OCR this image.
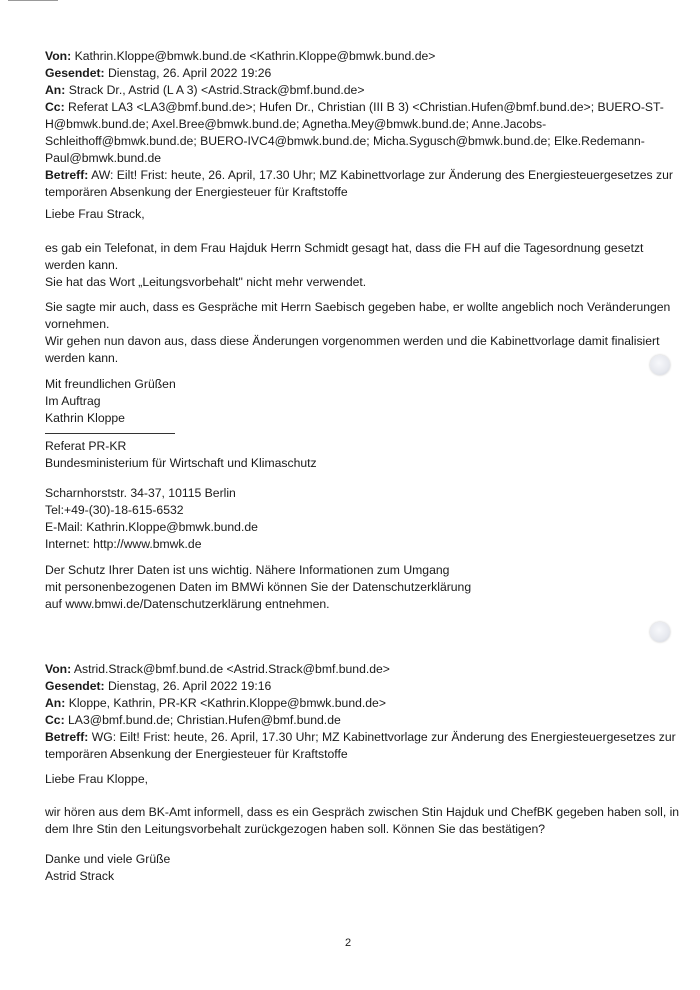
Von: Kathrin.Kloppe@bmwk.bund.de <Kathrin.Kloppe@bmwk.bund.de>
Gesendet: Dienstag, 26. April 2022 19:26
An: Strack Dr., Astrid (L A 3) <Astrid.Strack@bmf.bund.de>
Cc: Referat LA3 <LA3@bmf.bund.de>; Hufen Dr., Christian (III B 3) <Christian.Hufen@bmf.bund.de>; BUERO-ST-
H@bmwk.bund.de; Axel.Bree@bmwk.bund.de; Agnetha.Mey@bmwk.bund.de; Anne.Jacobs-
Schleithoff@bmwk.bund.de; BUERO-IVC4@bmwk.bund.de; Micha.Sygusch@bmwk.bund.de; Elke.Redemann-
Paul@bmwk.bund.de
Betreff: AW: Eilt! Frist: heute, 26. April, 17.30 Uhr; MZ Kabinettvorlage zur Änderung des Energiesteuergesetzes zur
temporären Absenkung der Energiesteuer für Kraftstoffe
Liebe Frau Strack,
es gab ein Telefonat, in dem Frau Hajduk Herrn Schmidt gesagt hat, dass die FH auf die Tagesordnung gesetzt
werden kann.
Sie hat das Wort „Leitungsvorbehalt" nicht mehr verwendet.
Sie sagte mir auch, dass es Gespräche mit Herrn Saebisch gegeben habe, er wollte angeblich noch Veränderungen
vornehmen.
Wir gehen nun davon aus, dass diese Änderungen vorgenommen werden und die Kabinettvorlage damit finalisiert
werden kann.
Mit freundlichen Grüßen
Im Auftrag
Kathrin Kloppe
Referat PR-KR
Bundesministerium für Wirtschaft und Klimaschutz
Scharnhorststr. 34-37, 10115 Berlin
Tel:+49-(30)-18-615-6532
E-Mail: Kathrin.Kloppe@bmwk.bund.de
Internet: http://www.bmwk.de
Der Schutz Ihrer Daten ist uns wichtig. Nähere Informationen zum Umgang
mit personenbezogenen Daten im BMWi können Sie der Datenschutzerklärung
auf www.bmwi.de/Datenschutzerklärung entnehmen.
Von: Astrid.Strack@bmf.bund.de <Astrid.Strack@bmf.bund.de>
Gesendet: Dienstag, 26. April 2022 19:16
An: Kloppe, Kathrin, PR-KR <Kathrin.Kloppe@bmwk.bund.de>
Cc: LA3@bmf.bund.de; Christian.Hufen@bmf.bund.de
Betreff: WG: Eilt! Frist: heute, 26. April, 17.30 Uhr; MZ Kabinettvorlage zur Änderung des Energiesteuergesetzes zur
temporären Absenkung der Energiesteuer für Kraftstoffe
Liebe Frau Kloppe,
wir hören aus dem BK-Amt informell, dass es ein Gespräch zwischen Stin Hajduk und ChefBK gegeben haben soll, in
dem Ihre Stin den Leitungsvorbehalt zurückgezogen haben soll. Können Sie das bestätigen?
Danke und viele Grüße
Astrid Strack
2
